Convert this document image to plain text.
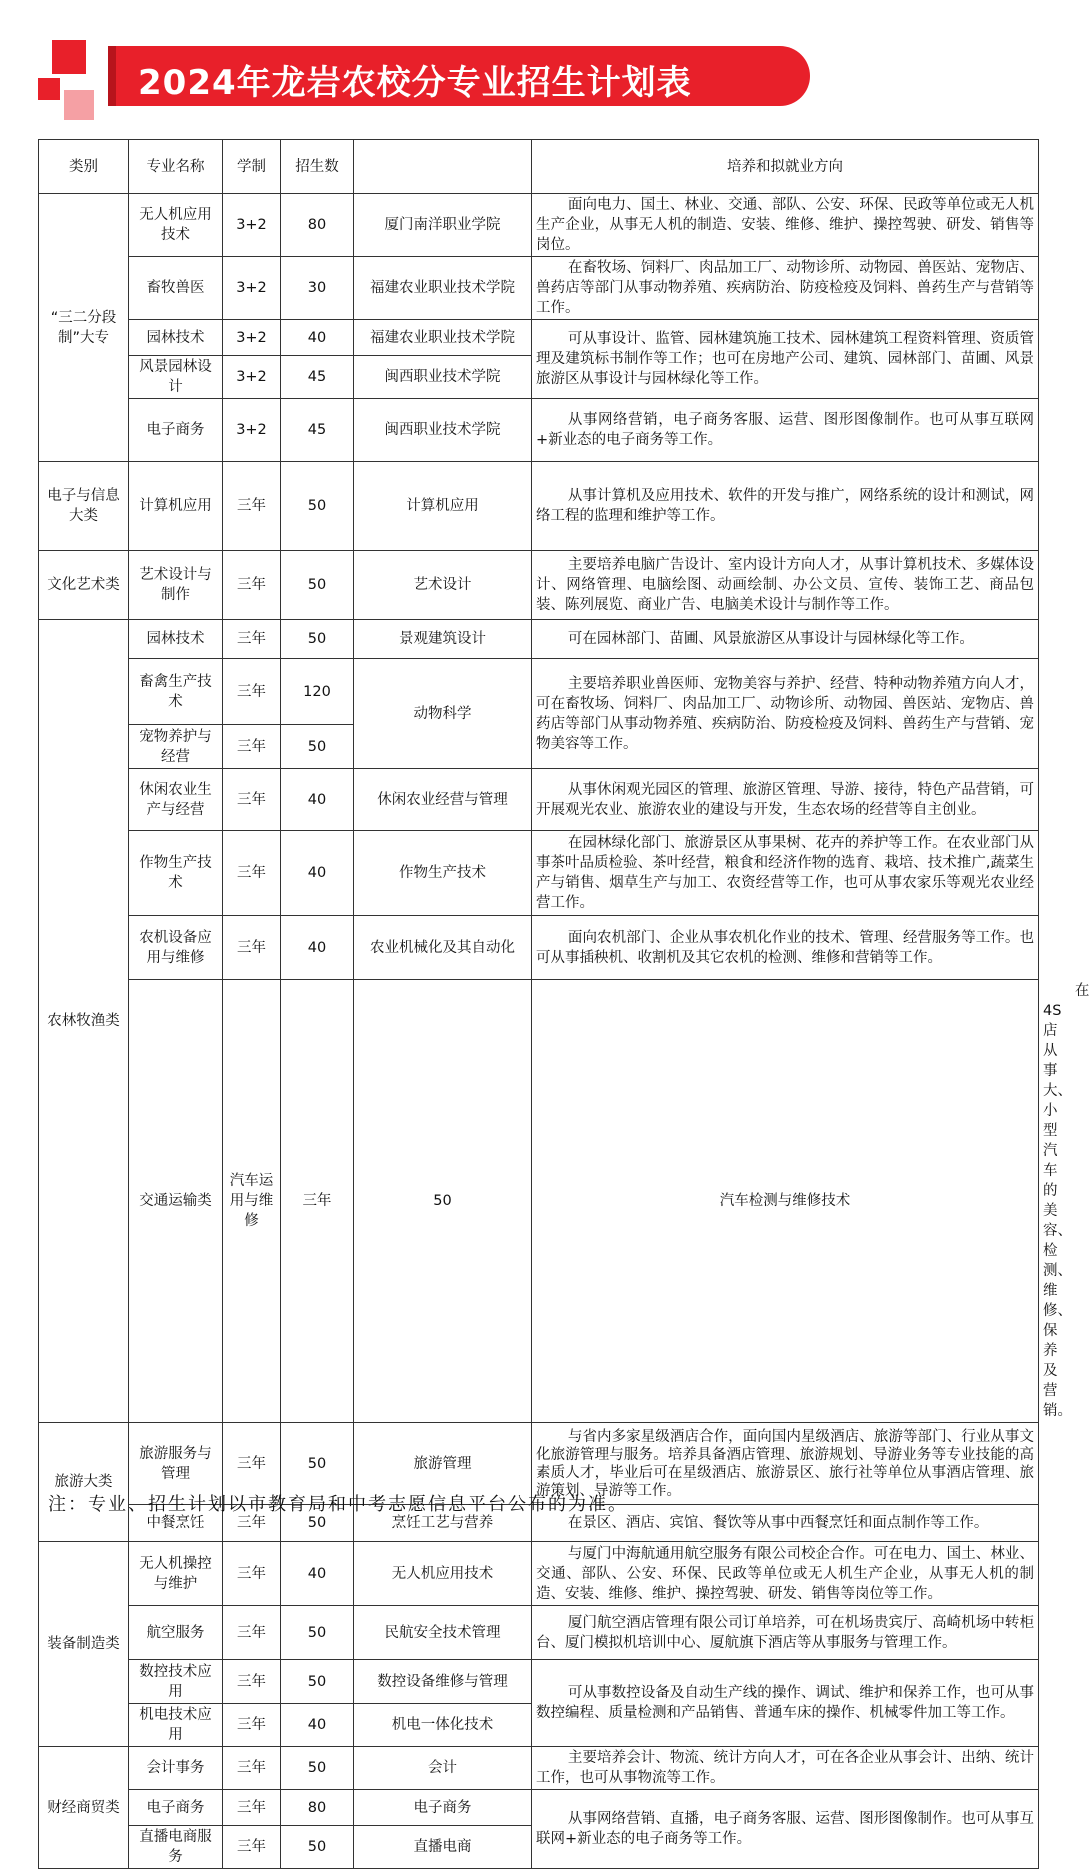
2024年龙岩农校分专业招生计划表
类别	专业名称	学制	招生数		培养和拟就业方向	
“三二分段制”大专	无人机应用技术	3+2	80	厦门南洋职业学院	面向电力、国土、林业、交通、部队、公安、环保、民政等单位或无人机生产企业，从事无人机的制造、安装、维修、维护、操控驾驶、研发、销售等岗位。	

	畜牧兽医	3+2	30	福建农业职业技术学院	在畜牧场、饲料厂、肉品加工厂、动物诊所、动物园、兽医站、宠物店、兽药店等部门从事动物养殖、疾病防治、防疫检疫及饲料、兽药生产与营销等工作。	

	园林技术	3+2	40	福建农业职业技术学院	可从事设计、监管、园林建筑施工技术、园林建筑工程资料管理、资质管理及建筑标书制作等工作；也可在房地产公司、建筑、园林部门、苗圃、风景旅游区从事设计与园林绿化等工作。	

	风景园林设计	3+2	45	闽西职业技术学院		
	电子商务	3+2	45	闽西职业技术学院	从事网络营销，电子商务客服、运营、图形图像制作。也可从事互联网+新业态的电子商务等工作。	

电子与信息大类	计算机应用	三年	50	计算机应用	从事计算机及应用技术、软件的开发与推广，网络系统的设计和测试，网络工程的监理和维护等工作。	

文化艺术类	艺术设计与制作	三年	50	艺术设计	主要培养电脑广告设计、室内设计方向人才，从事计算机技术、多媒体设计、网络管理、电脑绘图、动画绘制、办公文员、宣传、装饰工艺、商品包装、陈列展览、商业广告、电脑美术设计与制作等工作。	

农林牧渔类	园林技术	三年	50	景观建筑设计	可在园林部门、苗圃、风景旅游区从事设计与园林绿化等工作。	

	畜禽生产技术	三年	120	动物科学	主要培养职业兽医师、宠物美容与养护、经营、特种动物养殖方向人才，可在畜牧场、饲料厂、肉品加工厂、动物诊所、动物园、兽医站、宠物店、兽药店等部门从事动物养殖、疾病防治、防疫检疫及饲料、兽药生产与营销、宠物美容等工作。	

	宠物养护与经营	三年	50			
	休闲农业生产与经营	三年	40	休闲农业经营与管理	从事休闲观光园区的管理、旅游区管理、导游、接待，特色产品营销，可开展观光农业、旅游农业的建设与开发，生态农场的经营等自主创业。	

	作物生产技术	三年	40	作物生产技术	在园林绿化部门、旅游景区从事果树、花卉的养护等工作。在农业部门从事茶叶品质检验、茶叶经营，粮食和经济作物的选育、栽培、技术推广,蔬菜生产与销售、烟草生产与加工、农资经营等工作，也可从事农家乐等观光农业经营工作。	

	农机设备应用与维修	三年	40	农业机械化及其自动化	面向农机部门、企业从事农机化作业的技术、管理、经营服务等工作。也可从事插秧机、收割机及其它农机的检测、维修和营销等工作。	

	交通运输类	汽车运用与维修	三年	50	汽车检测与维修技术	在4S店从事大、小型汽车的美容、检测、维修、保养及营销。

旅游大类	旅游服务与管理	三年	50	旅游管理	与省内多家星级酒店合作，面向国内星级酒店、旅游等部门、行业从事文化旅游管理与服务。培养具备酒店管理、旅游规划、导游业务等专业技能的高素质人才，毕业后可在星级酒店、旅游景区、旅行社等单位从事酒店管理、旅游策划、导游等工作。	

	中餐烹饪	三年	50	烹饪工艺与营养	在景区、酒店、宾馆、餐饮等从事中西餐烹饪和面点制作等工作。	

装备制造类	无人机操控与维护	三年	40	无人机应用技术	与厦门中海航通用航空服务有限公司校企合作。可在电力、国土、林业、交通、部队、公安、环保、民政等单位或无人机生产企业，从事无人机的制造、安装、维修、维护、操控驾驶、研发、销售等岗位等工作。	

	航空服务	三年	50	民航安全技术管理	厦门航空酒店管理有限公司订单培养，可在机场贵宾厅、高崎机场中转柜台、厦门模拟机培训中心、厦航旗下酒店等从事服务与管理工作。	

	数控技术应用	三年	50	数控设备维修与管理	可从事数控设备及自动生产线的操作、调试、维护和保养工作，也可从事数控编程、质量检测和产品销售、普通车床的操作、机械零件加工等工作。	

	机电技术应用	三年	40	机电一体化技术		
财经商贸类	会计事务	三年	50	会计	主要培养会计、物流、统计方向人才，可在各企业从事会计、出纳、统计工作，也可从事物流等工作。	

	电子商务	三年	80	电子商务	从事网络营销、直播，电子商务客服、运营、图形图像制作。也可从事互联网+新业态的电子商务等工作。	

	直播电商服务	三年	50	直播电商		
注：专业、招生计划以市教育局和中考志愿信息平台公布的为准。
